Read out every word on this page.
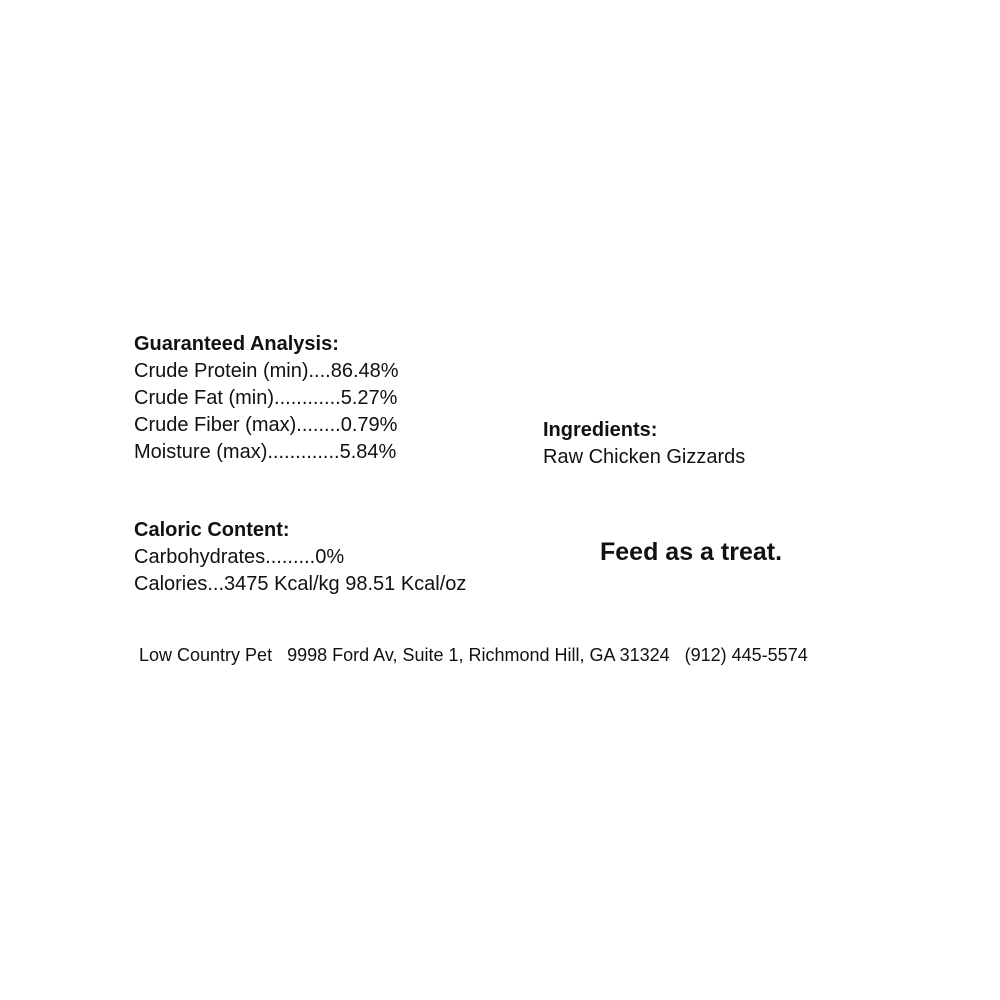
Guaranteed Analysis:

Crude Protein (min)....86.48%

Crude Fat (min)............5.27%

Crude Fiber (max)........0.79%

Moisture (max).............5.84%

Ingredients:

Raw Chicken Gizzards

Caloric Content:

Carbohydrates.........0%

Calories...3475 Kcal/kg 98.51 Kcal/oz

Feed as a treat.
Low Country Pet   9998 Ford Av, Suite 1, Richmond Hill, GA 31324   (912) 445-5574
